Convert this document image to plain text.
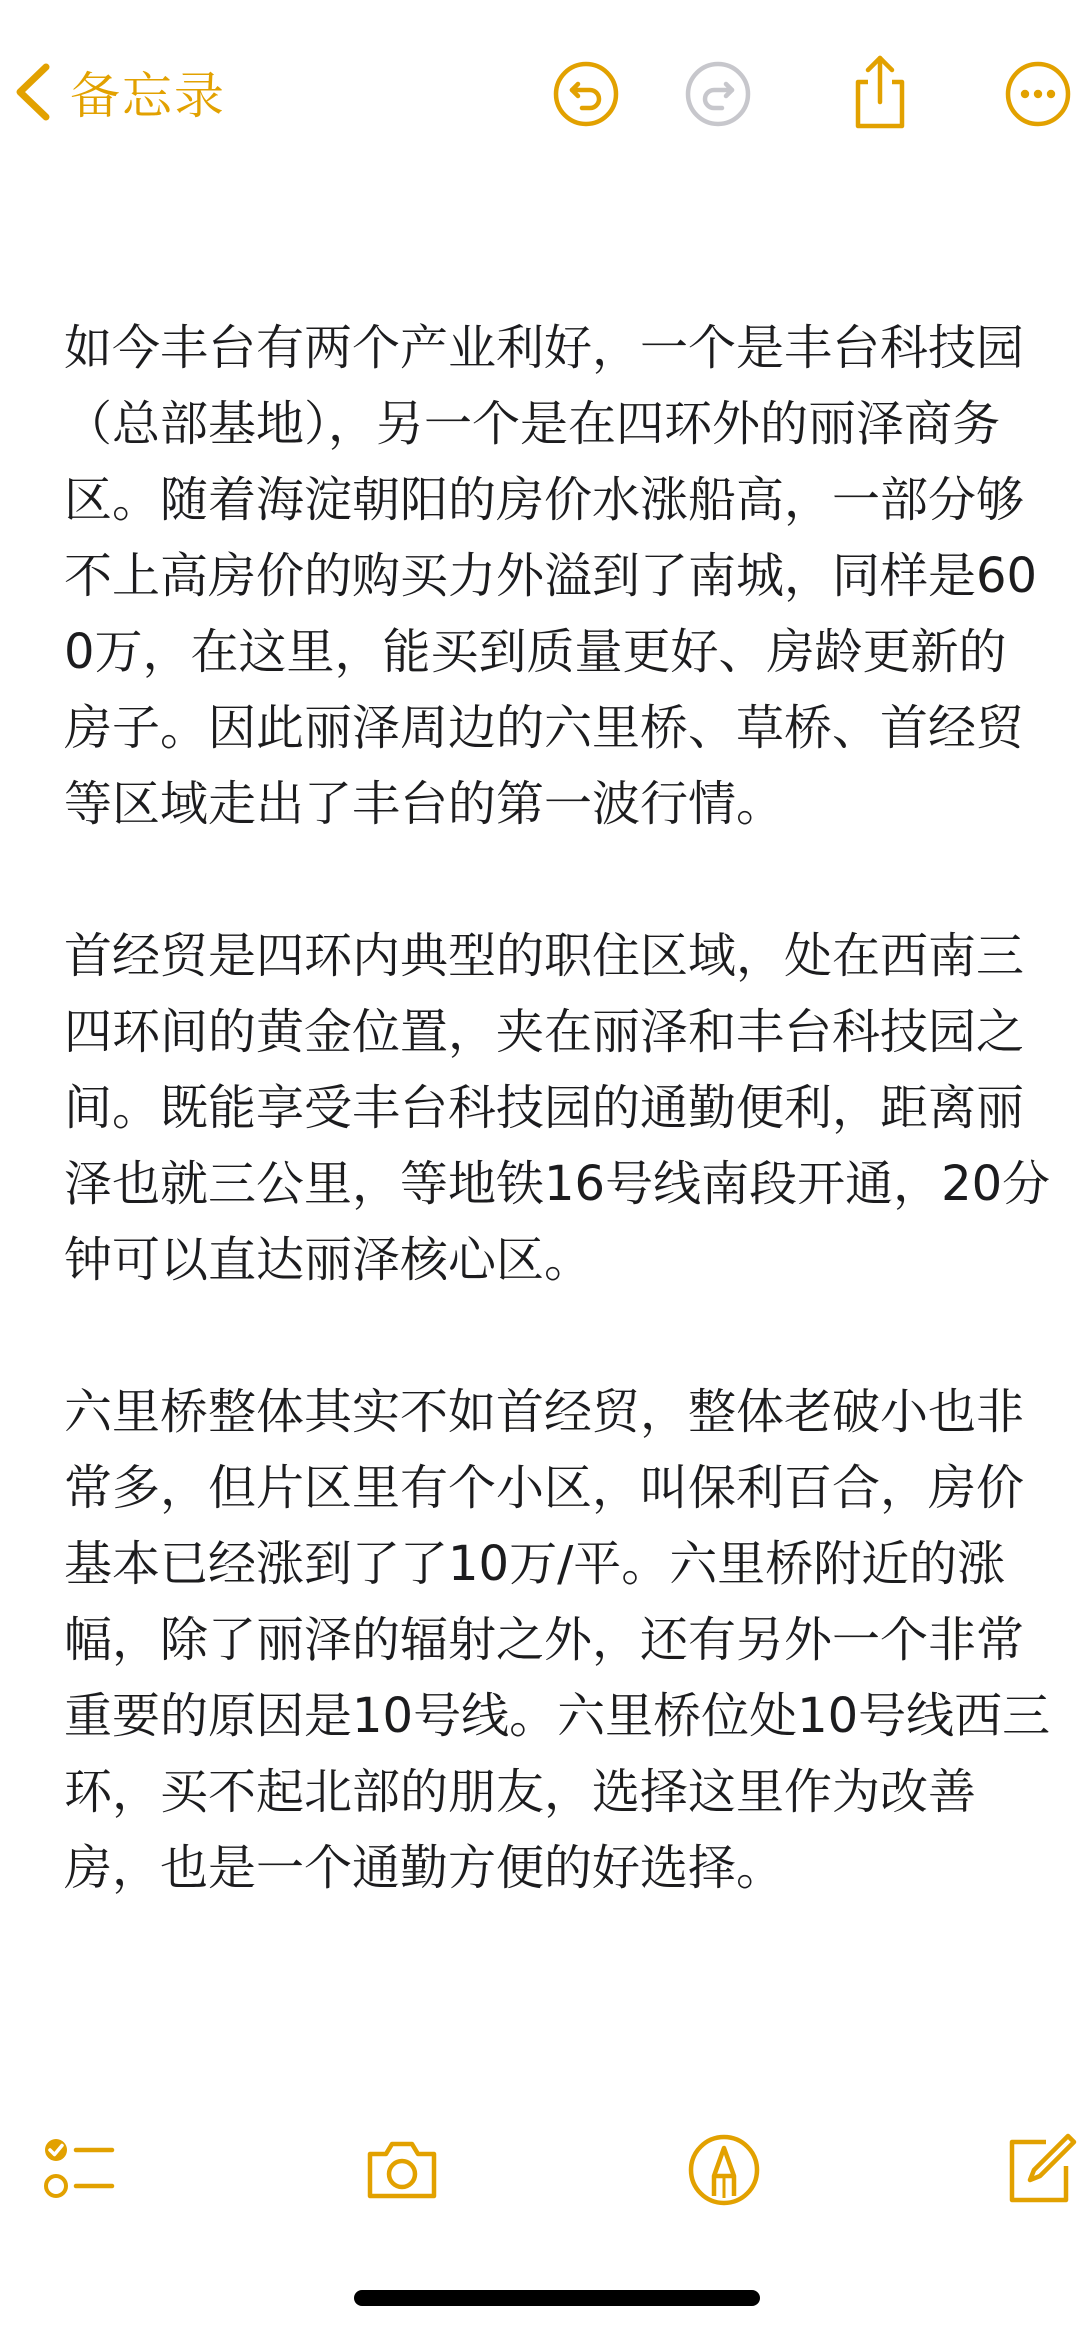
备忘录

如今丰台有两个产业利好，一个是丰台科技园（总部基地），另一个是在四环外的丽泽商务区。随着海淀朝阳的房价水涨船高，一部分够不上高房价的购买力外溢到了南城，同样是600万，在这里，能买到质量更好、房龄更新的房子。因此丽泽周边的六里桥、草桥、首经贸等区域走出了丰台的第一波行情。

首经贸是四环内典型的职住区域，处在西南三四环间的黄金位置，夹在丽泽和丰台科技园之间。既能享受丰台科技园的通勤便利，距离丽泽也就三公里，等地铁16号线南段开通，20分钟可以直达丽泽核心区。

六里桥整体其实不如首经贸，整体老破小也非常多，但片区里有个小区，叫保利百合，房价基本已经涨到了了10万/平。六里桥附近的涨幅，除了丽泽的辐射之外，还有另外一个非常重要的原因是10号线。六里桥位处10号线西三环，买不起北部的朋友，选择这里作为改善房，也是一个通勤方便的好选择。
